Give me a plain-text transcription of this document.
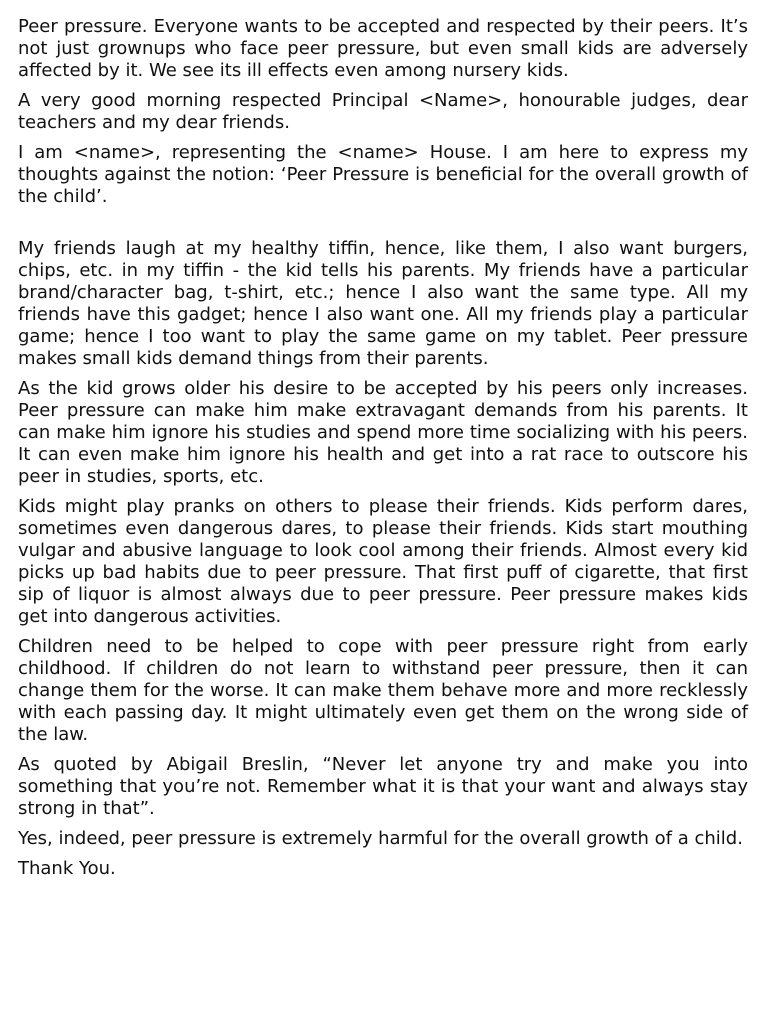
Peer pressure. Everyone wants to be accepted and respected by their peers. It’s not just grownups who face peer pressure, but even small kids are adversely affected by it. We see its ill effects even among nursery kids.

A very good morning respected Principal <Name>, honourable judges, dear teachers and my dear friends.

I am <name>, representing the <name> House. I am here to express my thoughts against the notion: ‘Peer Pressure is beneficial for the overall growth of the child’.

My friends laugh at my healthy tiffin, hence, like them, I also want burgers, chips, etc. in my tiffin - the kid tells his parents. My friends have a particular brand/character bag, t-shirt, etc.; hence I also want the same type. All my friends have this gadget; hence I also want one. All my friends play a particular game; hence I too want to play the same game on my tablet. Peer pressure makes small kids demand things from their parents.

As the kid grows older his desire to be accepted by his peers only increases. Peer pressure can make him make extravagant demands from his parents. It can make him ignore his studies and spend more time socializing with his peers. It can even make him ignore his health and get into a rat race to outscore his peer in studies, sports, etc.

Kids might play pranks on others to please their friends. Kids perform dares, sometimes even dangerous dares, to please their friends. Kids start mouthing vulgar and abusive language to look cool among their friends. Almost every kid picks up bad habits due to peer pressure. That first puff of cigarette, that first sip of liquor is almost always due to peer pressure. Peer pressure makes kids get into dangerous activities.

Children need to be helped to cope with peer pressure right from early childhood. If children do not learn to withstand peer pressure, then it can change them for the worse. It can make them behave more and more recklessly with each passing day. It might ultimately even get them on the wrong side of the law.

As quoted by Abigail Breslin, “Never let anyone try and make you into something that you’re not. Remember what it is that your want and always stay strong in that”.

Yes, indeed, peer pressure is extremely harmful for the overall growth of a child.

Thank You.
